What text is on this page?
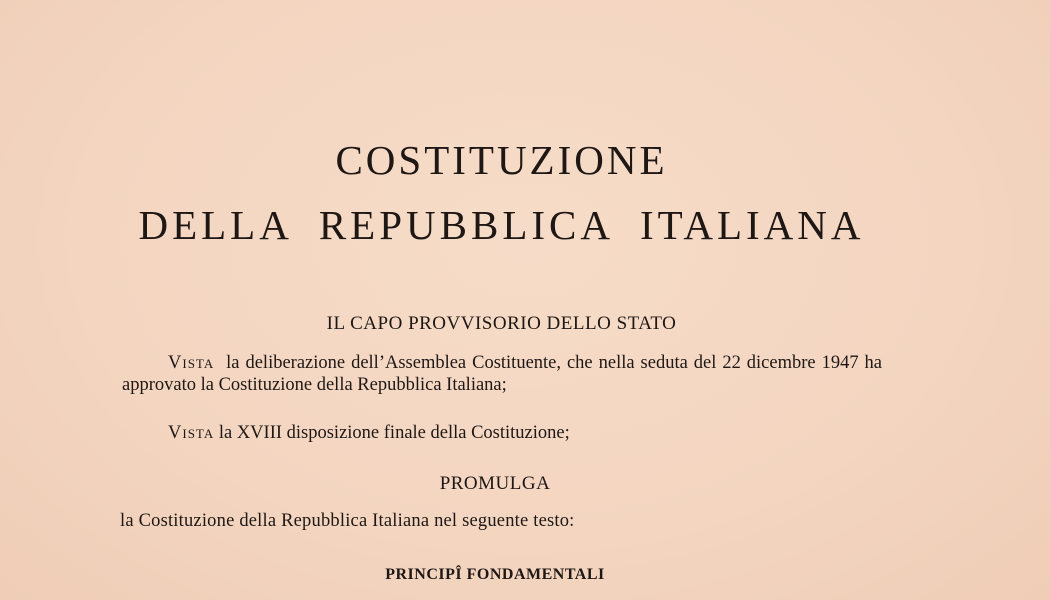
COSTITUZIONE
DELLA REPUBBLICA ITALIANA

IL CAPO PROVVISORIO DELLO STATO

Vista la deliberazione dell’Assemblea Costituente, che nella seduta del 22 dicembre 1947 ha approvato la Costituzione della Repubblica Italiana;

Vista la XVIII disposizione finale della Costituzione;

PROMULGA

la Costituzione della Repubblica Italiana nel seguente testo:

PRINCIPÎ FONDAMENTALI
